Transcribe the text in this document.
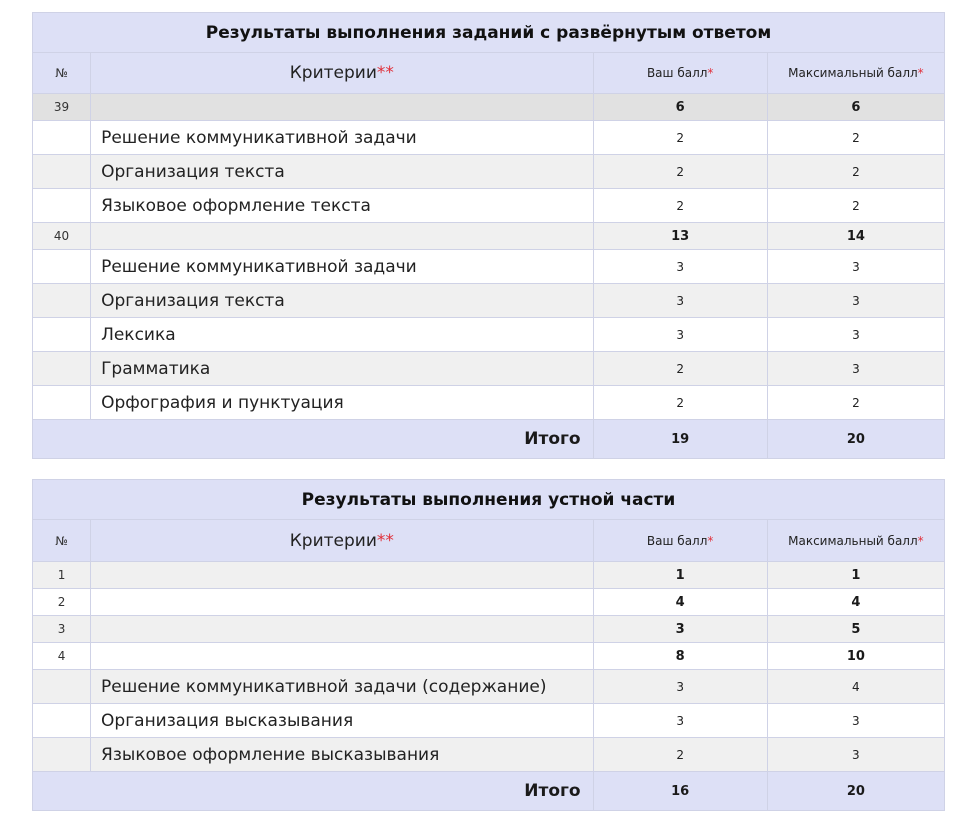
Результаты выполнения заданий с развёрнутым ответом			
№	Критерии**	Ваш балл*	Максимальный балл*
39		6	6
	Решение коммуникативной задачи	2	2
	Организация текста	2	2
	Языковое оформление текста	2	2
40		13	14
	Решение коммуникативной задачи	3	3
	Организация текста	3	3
	Лексика	3	3
	Грамматика	2	3
	Орфография и пунктуация	2	2
Итого		19	20
Результаты выполнения устной части			
№	Критерии**	Ваш балл*	Максимальный балл*
1		1	1
2		4	4
3		3	5
4		8	10
	Решение коммуникативной задачи (содержание)	3	4
	Организация высказывания	3	3
	Языковое оформление высказывания	2	3
Итого		16	20
